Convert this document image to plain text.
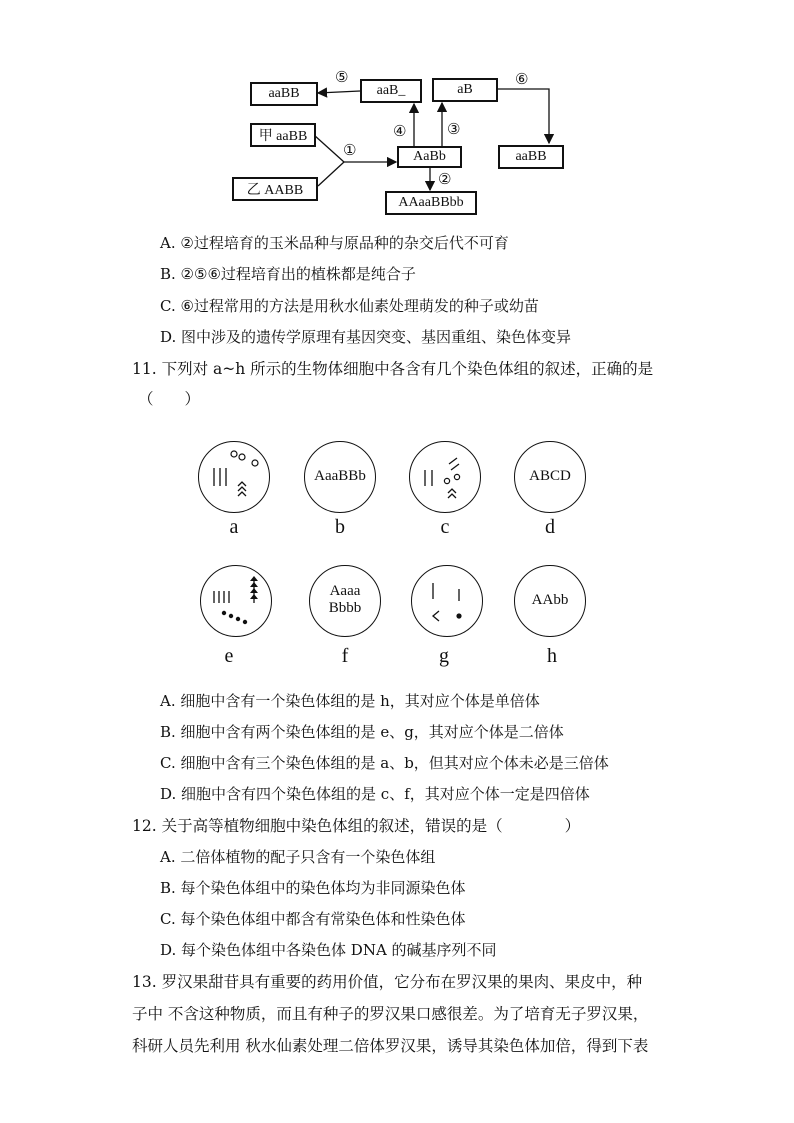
aaBB	aaB_	aB
aaBB
甲 aaBB
乙 AABB
AaBb
AAaaBBbb
⑤	⑥
①
④	③
②
A. ②过程培育的玉米品种与原品种的杂交后代不可育
B. ②⑤⑥过程培育出的植株都是纯合子
C. ⑥过程常用的方法是用秋水仙素处理萌发的种子或幼苗
D. 图中涉及的遗传学原理有基因突变、基因重组、染色体变异
11. 下列对 a~h 所示的生物体细胞中各含有几个染色体组的叙述，正确的是
（　　）
AaaBBb	ABCD
a	b	c	d
Aaaa
Bbbb	AAbb
e	f	g	h
A. 细胞中含有一个染色体组的是 h，其对应个体是单倍体
B. 细胞中含有两个染色体组的是 e、g，其对应个体是二倍体
C. 细胞中含有三个染色体组的是 a、b，但其对应个体未必是三倍体
D. 细胞中含有四个染色体组的是 c、f，其对应个体一定是四倍体
12. 关于高等植物细胞中染色体组的叙述，错误的是（　　　　）
A. 二倍体植物的配子只含有一个染色体组
B. 每个染色体组中的染色体均为非同源染色体
C. 每个染色体组中都含有常染色体和性染色体
D. 每个染色体组中各染色体 DNA 的碱基序列不同
13. 罗汉果甜苷具有重要的药用价值，它分布在罗汉果的果肉、果皮中，种
子中 不含这种物质，而且有种子的罗汉果口感很差。为了培育无子罗汉果，
科研人员先利用 秋水仙素处理二倍体罗汉果，诱导其染色体加倍，得到下表
